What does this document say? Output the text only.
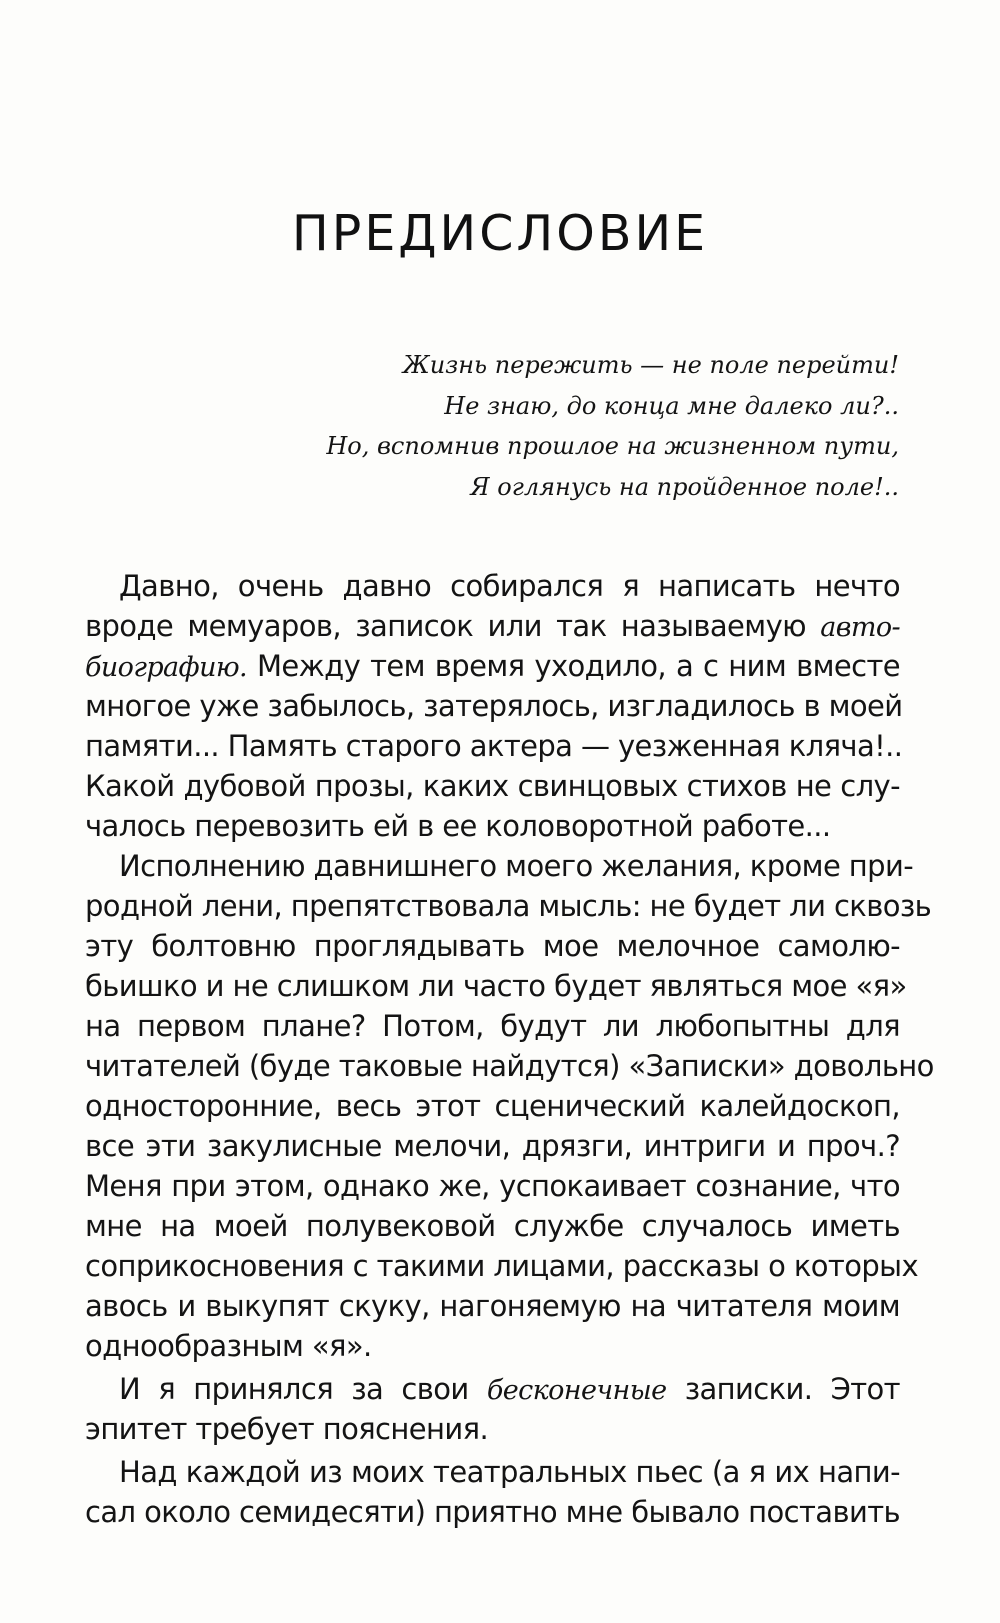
ПРЕДИСЛОВИЕ
Жизнь пережить — не поле перейти!
Не знаю, до конца мне далеко ли?..
Но, вспомнив прошлое на жизненном пути,
Я оглянусь на пройденное поле!..
Давно, очень давно собирался я написать нечто
вроде мемуаров, записок или так называемую авто-
биографию. Между тем время уходило, а с ним вместе
многое уже забылось, затерялось, изгладилось в моей
памяти... Память старого актера — уезженная кляча!..
Какой дубовой прозы, каких свинцовых стихов не слу-
чалось перевозить ей в ее коловоротной работе...
Исполнению давнишнего моего желания, кроме при-
родной лени, препятствовала мысль: не будет ли сквозь
эту болтовню проглядывать мое мелочное самолю-
бьишко и не слишком ли часто будет являться мое «я»
на первом плане? Потом, будут ли любопытны для
читателей (буде таковые найдутся) «Записки» довольно
односторонние, весь этот сценический калейдоскоп,
все эти закулисные мелочи, дрязги, интриги и проч.?
Меня при этом, однако же, успокаивает сознание, что
мне на моей полувековой службе случалось иметь
соприкосновения с такими лицами, рассказы о которых
авось и выкупят скуку, нагоняемую на читателя моим
однообразным «я».
И я принялся за свои бесконечные записки. Этот
эпитет требует пояснения.
Над каждой из моих театральных пьес (а я их напи-
сал около семидесяти) приятно мне бывало поставить
